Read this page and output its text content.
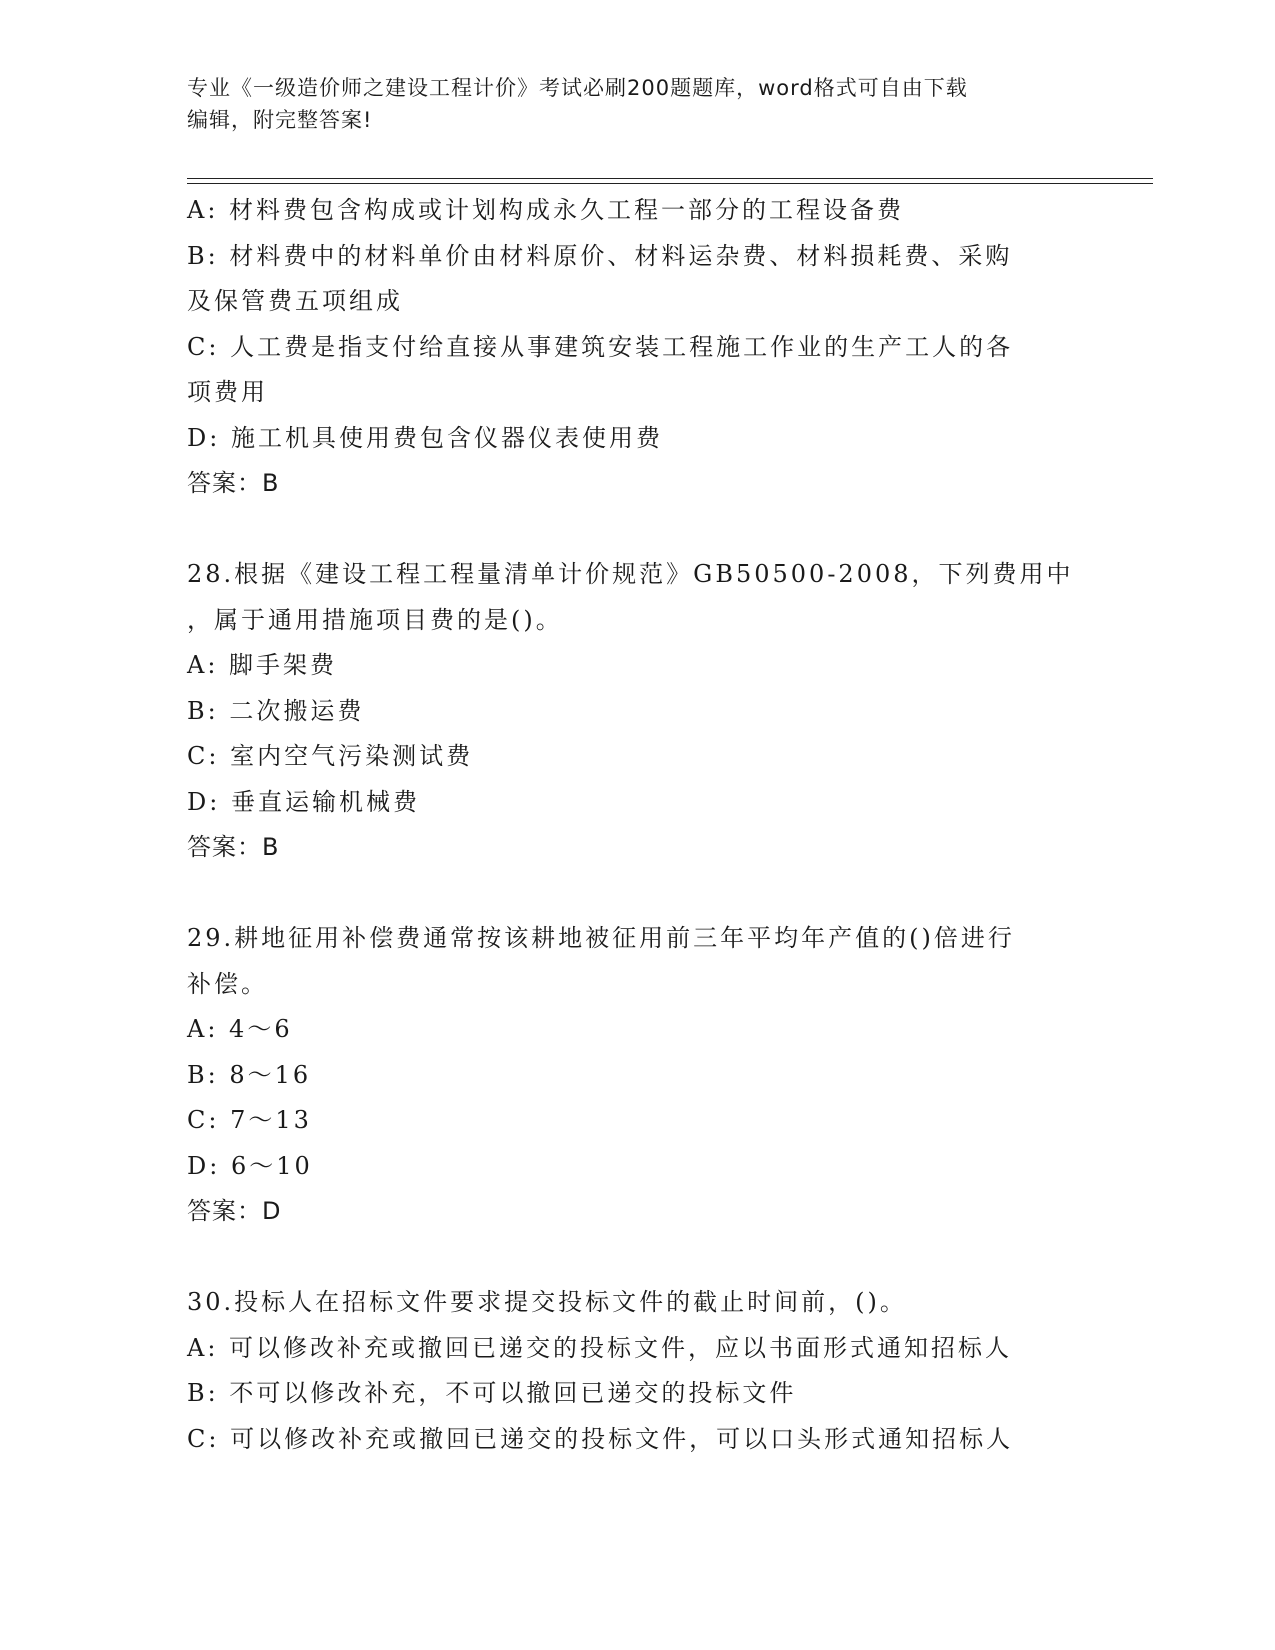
专业《一级造价师之建设工程计价》考试必刷200题题库，word格式可自由下载
编辑，附完整答案!
A: 材料费包含构成或计划构成永久工程一部分的工程设备费
B: 材料费中的材料单价由材料原价、材料运杂费、材料损耗费、采购
及保管费五项组成
C: 人工费是指支付给直接从事建筑安装工程施工作业的生产工人的各
项费用
D: 施工机具使用费包含仪器仪表使用费
答案：B
28.根据《建设工程工程量清单计价规范》GB50500-2008，下列费用中
，属于通用措施项目费的是()。
A: 脚手架费
B: 二次搬运费
C: 室内空气污染测试费
D: 垂直运输机械费
答案：B
29.耕地征用补偿费通常按该耕地被征用前三年平均年产值的()倍进行
补偿。
A: 4～6
B: 8～16
C: 7～13
D: 6～10
答案：D
30.投标人在招标文件要求提交投标文件的截止时间前，()。
A: 可以修改补充或撤回已递交的投标文件，应以书面形式通知招标人
B: 不可以修改补充，不可以撤回已递交的投标文件
C: 可以修改补充或撤回已递交的投标文件，可以口头形式通知招标人
